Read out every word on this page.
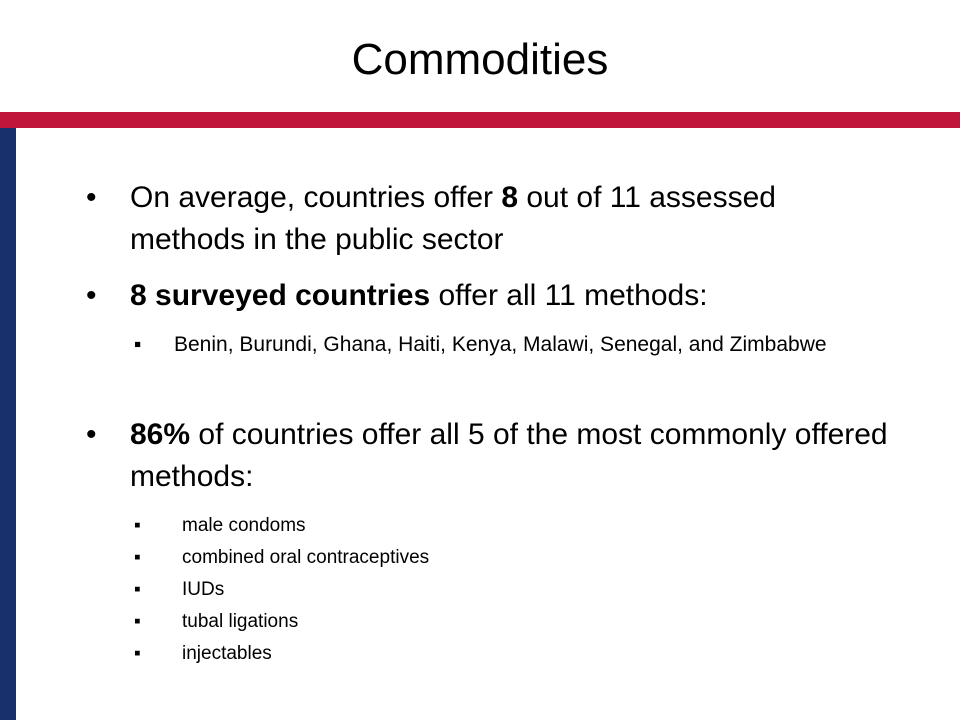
Commodities
• On average, countries offer 8 out of 11 assessed methods in the public sector
• 8 surveyed countries offer all 11 methods:
▪ Benin, Burundi, Ghana, Haiti, Kenya, Malawi, Senegal, and Zimbabwe
• 86% of countries offer all 5 of the most commonly offered methods:
▪ male condoms
▪ combined oral contraceptives
▪ IUDs
▪ tubal ligations
▪ injectables
